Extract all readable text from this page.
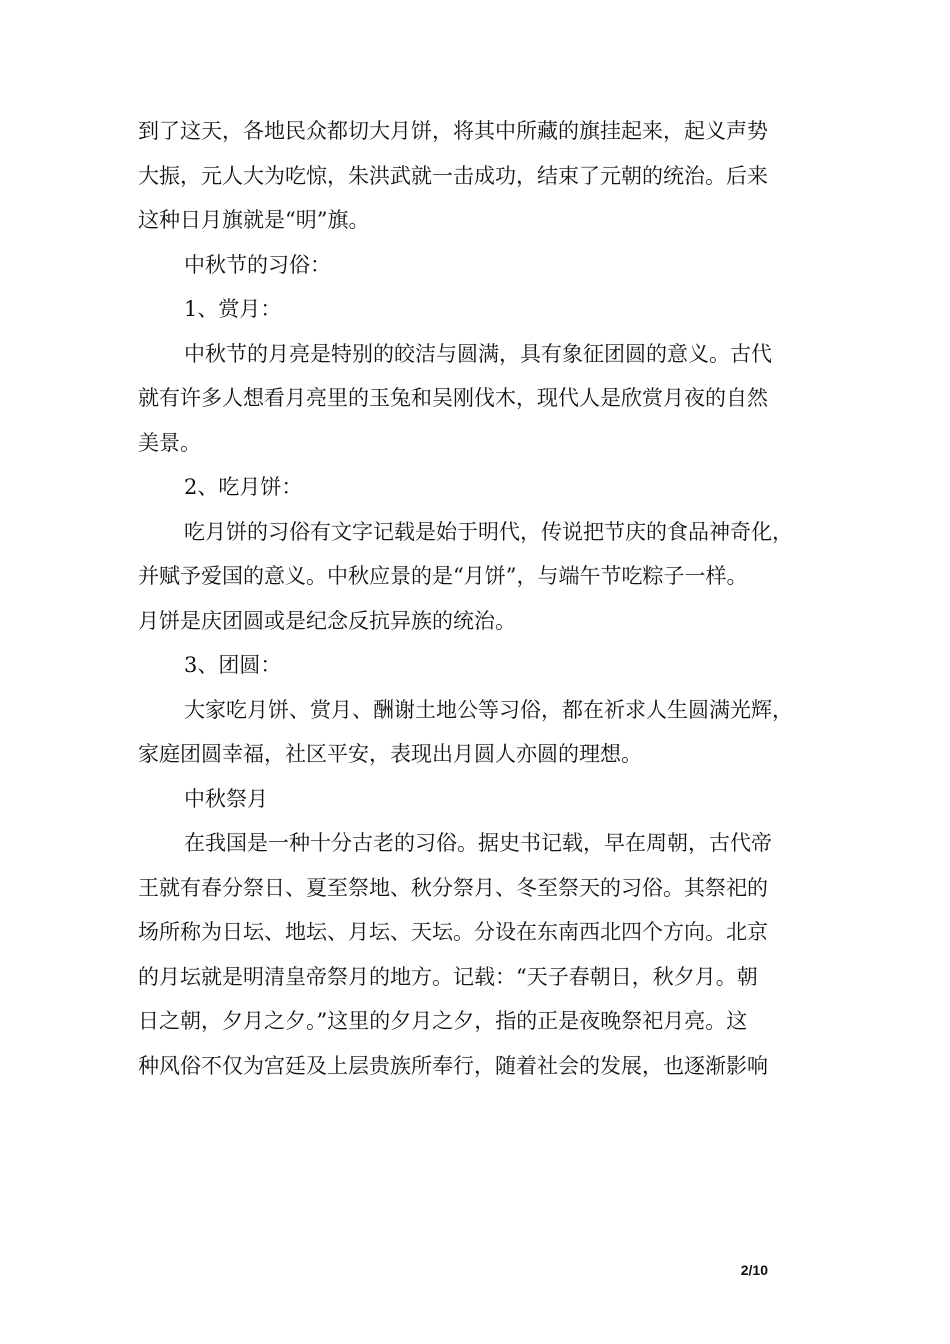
到了这天，各地民众都切大月饼，将其中所藏的旗挂起来，起义声势

大振，元人大为吃惊，朱洪武就一击成功，结束了元朝的统治。后来

这种日月旗就是“明”旗。

中秋节的习俗：

1、赏月：

中秋节的月亮是特别的皎洁与圆满，具有象征团圆的意义。古代

就有许多人想看月亮里的玉兔和吴刚伐木，现代人是欣赏月夜的自然

美景。

2、吃月饼：

吃月饼的习俗有文字记载是始于明代，传说把节庆的食品神奇化，

并赋予爱国的意义。中秋应景的是“月饼”，与端午节吃粽子一样。

月饼是庆团圆或是纪念反抗异族的统治。

3、团圆：

大家吃月饼、赏月、酬谢土地公等习俗，都在祈求人生圆满光辉，

家庭团圆幸福，社区平安，表现出月圆人亦圆的理想。

中秋祭月

在我国是一种十分古老的习俗。据史书记载，早在周朝，古代帝

王就有春分祭日、夏至祭地、秋分祭月、冬至祭天的习俗。其祭祀的

场所称为日坛、地坛、月坛、天坛。分设在东南西北四个方向。北京

的月坛就是明清皇帝祭月的地方。记载：“天子春朝日，秋夕月。朝

日之朝，夕月之夕。”这里的夕月之夕，指的正是夜晚祭祀月亮。这

种风俗不仅为宫廷及上层贵族所奉行，随着社会的发展，也逐渐影响

2/10
